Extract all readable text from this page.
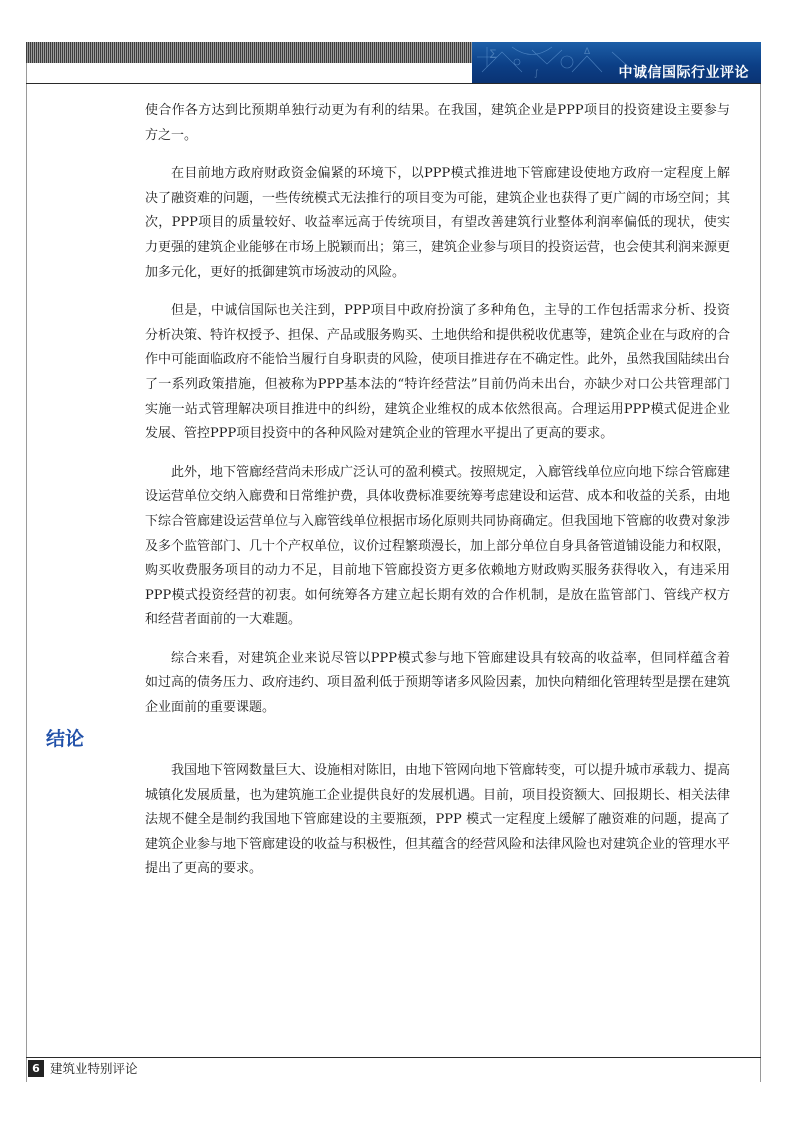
∑
∫
Δ
中诚信国际行业评论

使合作各方达到比预期单独行动更为有利的结果。在我国，建筑企业是PPP项目的投资建设主要参与方之一。

在目前地方政府财政资金偏紧的环境下，以PPP模式推进地下管廊建设使地方政府一定程度上解决了融资难的问题，一些传统模式无法推行的项目变为可能，建筑企业也获得了更广阔的市场空间；其次，PPP项目的质量较好、收益率远高于传统项目，有望改善建筑行业整体利润率偏低的现状，使实力更强的建筑企业能够在市场上脱颖而出；第三，建筑企业参与项目的投资运营，也会使其利润来源更加多元化，更好的抵御建筑市场波动的风险。

但是，中诚信国际也关注到，PPP项目中政府扮演了多种角色，主导的工作包括需求分析、投资分析决策、特许权授予、担保、产品或服务购买、土地供给和提供税收优惠等，建筑企业在与政府的合作中可能面临政府不能恰当履行自身职责的风险，使项目推进存在不确定性。此外，虽然我国陆续出台了一系列政策措施，但被称为PPP基本法的“特许经营法”目前仍尚未出台，亦缺少对口公共管理部门实施一站式管理解决项目推进中的纠纷，建筑企业维权的成本依然很高。合理运用PPP模式促进企业发展、管控PPP项目投资中的各种风险对建筑企业的管理水平提出了更高的要求。

此外，地下管廊经营尚未形成广泛认可的盈利模式。按照规定，入廊管线单位应向地下综合管廊建设运营单位交纳入廊费和日常维护费，具体收费标准要统筹考虑建设和运营、成本和收益的关系，由地下综合管廊建设运营单位与入廊管线单位根据市场化原则共同协商确定。但我国地下管廊的收费对象涉及多个监管部门、几十个产权单位，议价过程繁琐漫长，加上部分单位自身具备管道铺设能力和权限，购买收费服务项目的动力不足，目前地下管廊投资方更多依赖地方财政购买服务获得收入，有违采用PPP模式投资经营的初衷。如何统筹各方建立起长期有效的合作机制，是放在监管部门、管线产权方和经营者面前的一大难题。

综合来看，对建筑企业来说尽管以PPP模式参与地下管廊建设具有较高的收益率，但同样蕴含着如过高的债务压力、政府违约、项目盈利低于预期等诸多风险因素，加快向精细化管理转型是摆在建筑企业面前的重要课题。

结论

我国地下管网数量巨大、设施相对陈旧，由地下管网向地下管廊转变，可以提升城市承载力、提高城镇化发展质量，也为建筑施工企业提供良好的发展机遇。目前，项目投资额大、回报期长、相关法律法规不健全是制约我国地下管廊建设的主要瓶颈，PPP 模式一定程度上缓解了融资难的问题，提高了建筑企业参与地下管廊建设的收益与积极性，但其蕴含的经营风险和法律风险也对建筑企业的管理水平提出了更高的要求。

6 建筑业特别评论
